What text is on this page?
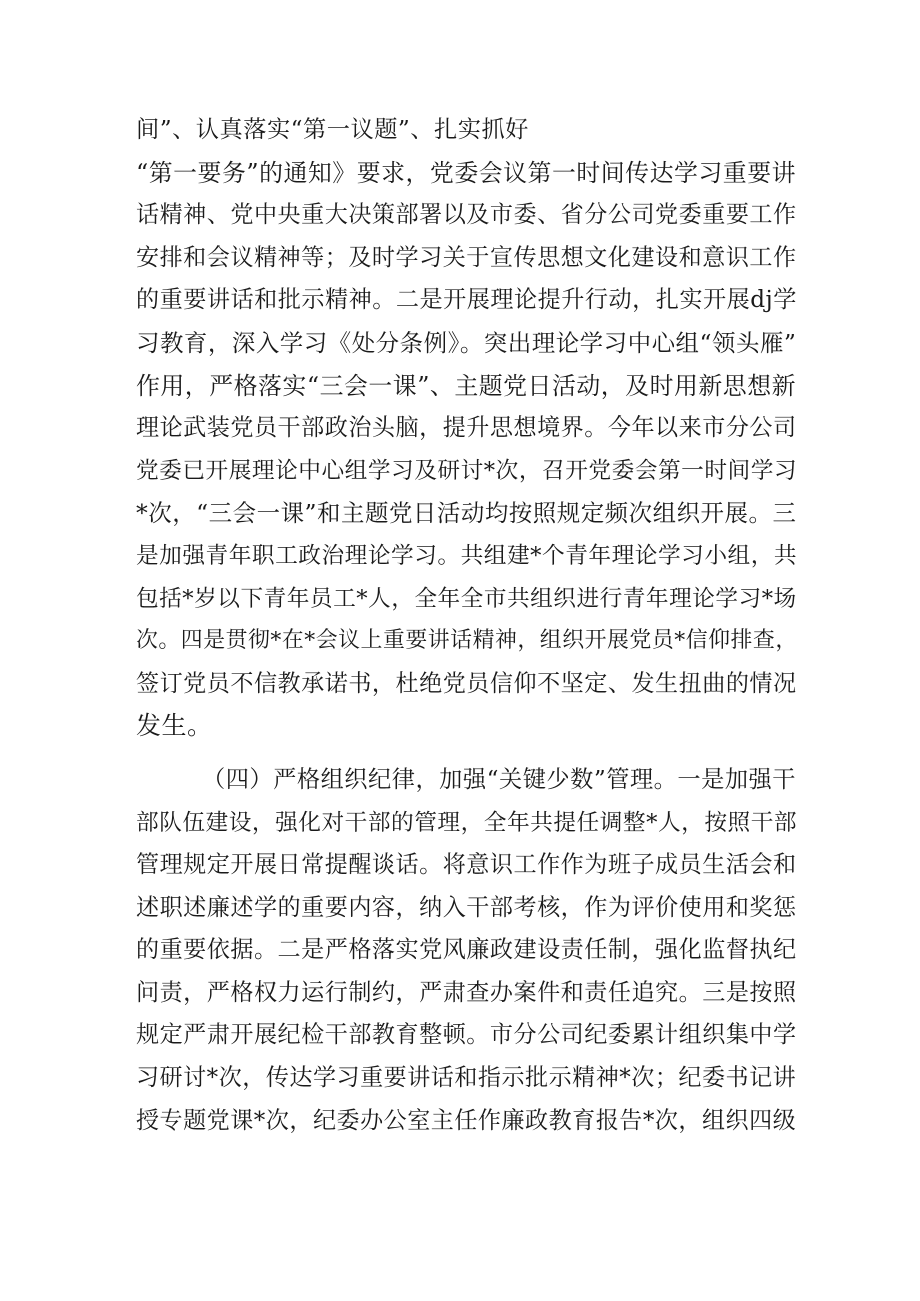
间”、认真落实“第一议题”、扎实抓好
“第一要务”的通知》要求，党委会议第一时间传达学习重要讲
话精神、党中央重大决策部署以及市委、省分公司党委重要工作
安排和会议精神等；及时学习关于宣传思想文化建设和意识工作
的重要讲话和批示精神。二是开展理论提升行动，扎实开展dj学
习教育，深入学习《处分条例》。突出理论学习中心组“领头雁”
作用，严格落实“三会一课”、主题党日活动，及时用新思想新
理论武装党员干部政治头脑，提升思想境界。今年以来市分公司
党委已开展理论中心组学习及研讨*次，召开党委会第一时间学习
*次，“三会一课”和主题党日活动均按照规定频次组织开展。三
是加强青年职工政治理论学习。共组建*个青年理论学习小组，共
包括*岁以下青年员工*人，全年全市共组织进行青年理论学习*场
次。四是贯彻*在*会议上重要讲话精神，组织开展党员*信仰排查，
签订党员不信教承诺书，杜绝党员信仰不坚定、发生扭曲的情况
发生。
（四）严格组织纪律，加强“关键少数”管理。一是加强干
部队伍建设，强化对干部的管理，全年共提任调整*人，按照干部
管理规定开展日常提醒谈话。将意识工作作为班子成员生活会和
述职述廉述学的重要内容，纳入干部考核，作为评价使用和奖惩
的重要依据。二是严格落实党风廉政建设责任制，强化监督执纪
问责，严格权力运行制约，严肃查办案件和责任追究。三是按照
规定严肃开展纪检干部教育整顿。市分公司纪委累计组织集中学
习研讨*次，传达学习重要讲话和指示批示精神*次；纪委书记讲
授专题党课*次，纪委办公室主任作廉政教育报告*次，组织四级
